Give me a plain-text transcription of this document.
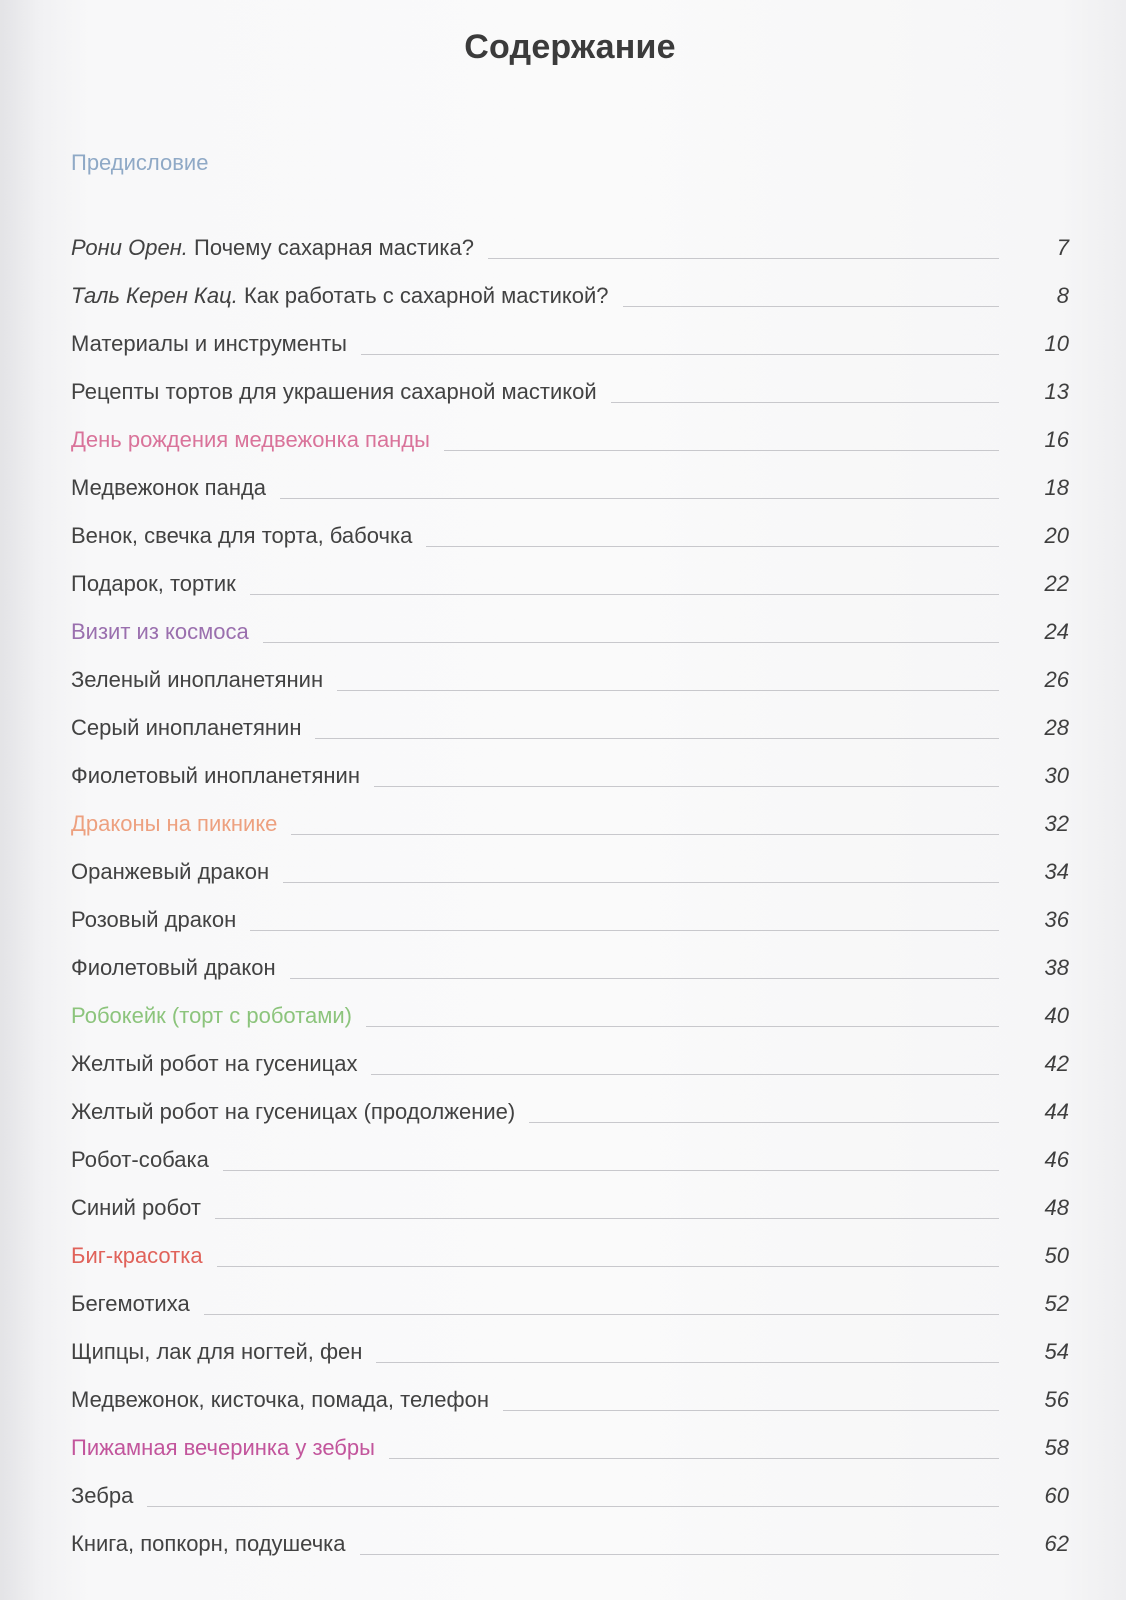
Содержание
Предисловие
Рони Орен. Почему сахарная мастика?	7
Таль Керен Кац. Как работать с сахарной мастикой?	8
Материалы и инструменты	10
Рецепты тортов для украшения сахарной мастикой	13
День рождения медвежонка панды	16
Медвежонок панда	18
Венок, свечка для торта, бабочка	20
Подарок, тортик	22
Визит из космоса	24
Зеленый инопланетянин	26
Серый инопланетянин	28
Фиолетовый инопланетянин	30
Драконы на пикнике	32
Оранжевый дракон	34
Розовый дракон	36
Фиолетовый дракон	38
Робокейк (торт с роботами)	40
Желтый робот на гусеницах	42
Желтый робот на гусеницах (продолжение)	44
Робот-собака	46
Синий робот	48
Биг-красотка	50
Бегемотиха	52
Щипцы, лак для ногтей, фен	54
Медвежонок, кисточка, помада, телефон	56
Пижамная вечеринка у зебры	58
Зебра	60
Книга, попкорн, подушечка	62
